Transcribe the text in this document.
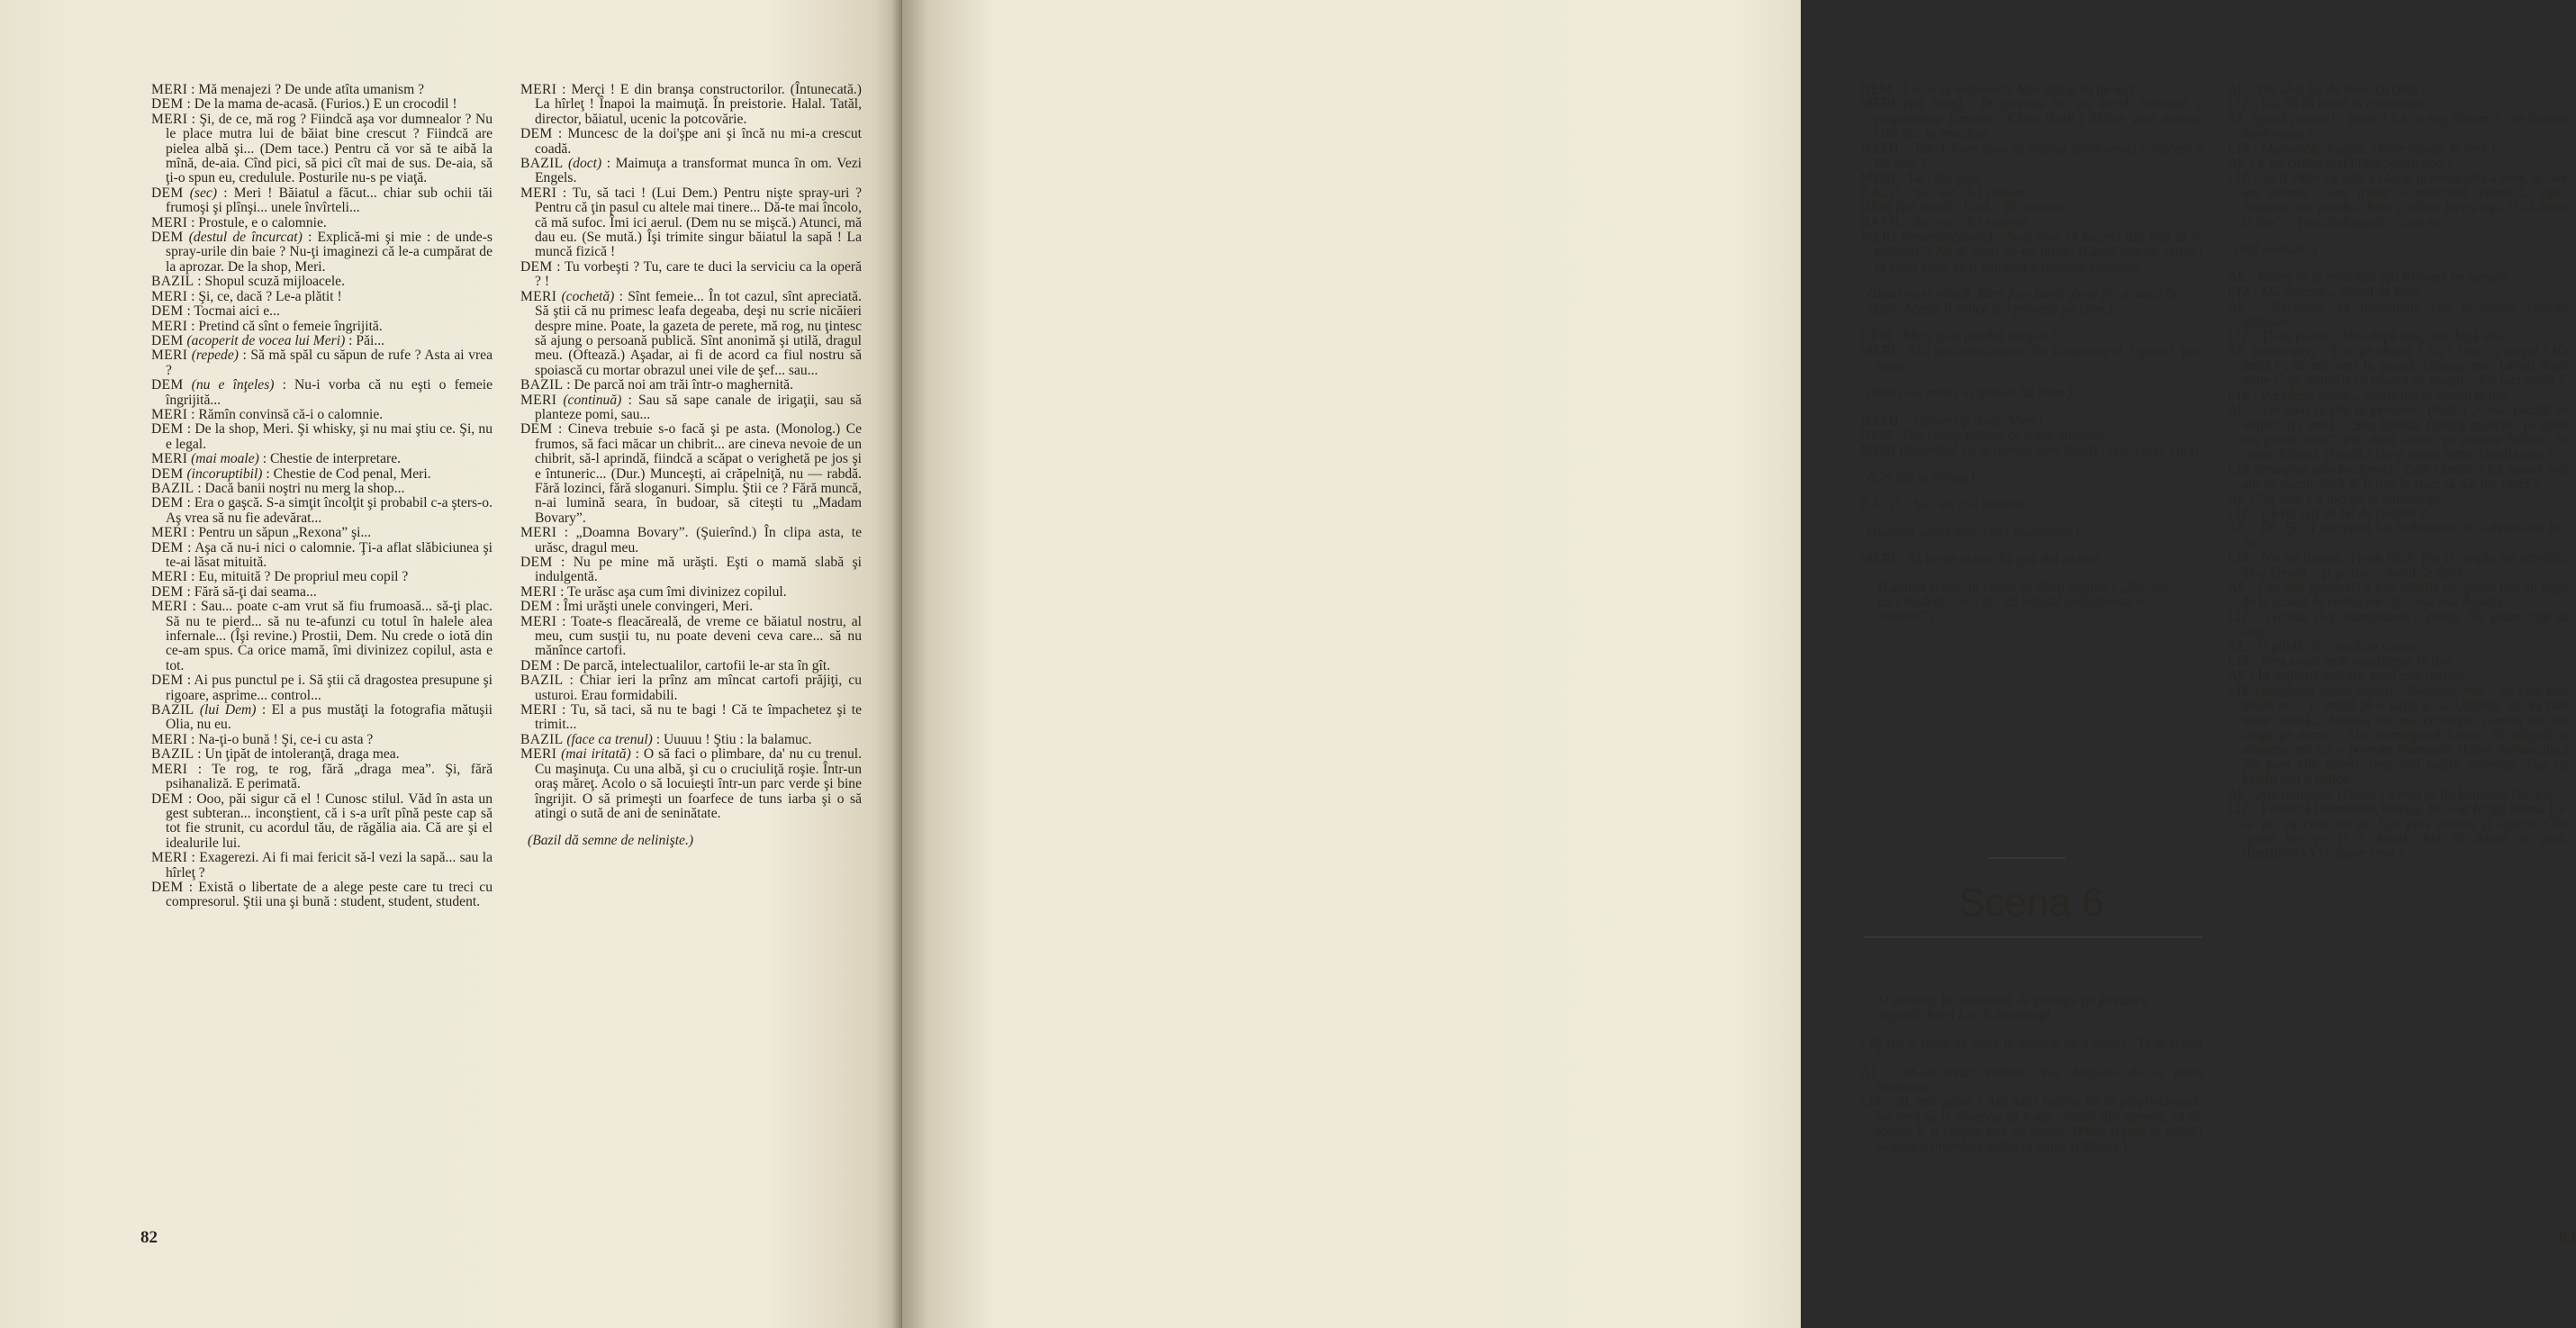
MERI : Mă menajezi ? De unde atîta umanism ?

DEM : De la mama de-acasă. (Furios.) E un crocodil !

MERI : Şi, de ce, mă rog ? Fiindcă aşa vor dumnealor ? Nu le place mutra lui de băiat bine crescut ? Fiindcă are pielea albă şi... (Dem tace.) Pentru că vor să te aibă la mînă, de-aia. Cînd pici, să pici cît mai de sus. De-aia, să ţi-o spun eu, credulule. Posturile nu-s pe viaţă.

DEM (sec) : Meri ! Băiatul a făcut... chiar sub ochii tăi frumoşi şi plînşi... unele învîrteli...

MERI : Prostule, e o calomnie.

DEM (destul de încurcat) : Explică-mi şi mie : de unde-s spray-urile din baie ? Nu-ţi imaginezi că le-a cumpărat de la aprozar. De la shop, Meri.

BAZIL : Shopul scuză mijloacele.

MERI : Şi, ce, dacă ? Le-a plătit !

DEM : Tocmai aici e...

MERI : Pretind că sînt o femeie îngrijită.

DEM (acoperit de vocea lui Meri) : Păi...

MERI (repede) : Să mă spăl cu săpun de rufe ? Asta ai vrea ?

DEM (nu e înţeles) : Nu-i vorba că nu eşti o femeie îngrijită...

MERI : Rămîn convinsă că-i o calomnie.

DEM : De la shop, Meri. Şi whisky, şi nu mai ştiu ce. Şi, nu e legal.

MERI (mai moale) : Chestie de interpretare.

DEM (incoruptibil) : Chestie de Cod penal, Meri.

BAZIL : Dacă banii noştri nu merg la shop...

DEM : Era o gaşcă. S-a simţit încolţit şi probabil c-a şters-o. Aş vrea să nu fie adevărat...

MERI : Pentru un săpun „Rexona” şi...

DEM : Aşa că nu-i nici o calomnie. Ţi-a aflat slăbiciunea şi te-ai lăsat mituită.

MERI : Eu, mituită ? De propriul meu copil ?

DEM : Fără să-ţi dai seama...

MERI : Sau... poate c-am vrut să fiu frumoasă... să-ţi plac. Să nu te pierd... să nu te-afunzi cu totul în halele alea infernale... (Îşi revine.) Prostii, Dem. Nu crede o iotă din ce-am spus. Ca orice mamă, îmi divinizez copilul, asta e tot.

DEM : Ai pus punctul pe i. Să ştii că dragostea presupune şi rigoare, asprime... control...

BAZIL (lui Dem) : El a pus mustăţi la fotografia mătuşii Olia, nu eu.

MERI : Na-ţi-o bună ! Şi, ce-i cu asta ?

BAZIL : Un ţipăt de intoleranţă, draga mea.

MERI : Te rog, te rog, fără „draga mea”. Şi, fără psihanaliză. E perimată.

DEM : Ooo, păi sigur că el ! Cunosc stilul. Văd în asta un gest subteran... inconştient, că i s-a urît pînă peste cap să tot fie strunit, cu acordul tău, de răgălia aia. Că are şi el idealurile lui.

MERI : Exagerezi. Ai fi mai fericit să-l vezi la sapă... sau la hîrleţ ?

DEM : Există o libertate de a alege peste care tu treci cu compresorul. Ştii una şi bună : student, student, student.

MERI : Merçi ! E din branşa constructorilor. (Întunecată.) La hîrleţ ! Înapoi la maimuţă. În preistorie. Halal. Tatăl, director, băiatul, ucenic la potcovărie.

DEM : Muncesc de la doi'şpe ani şi încă nu mi-a crescut coadă.

BAZIL (doct) : Maimuţa a transformat munca în om. Vezi Engels.

MERI : Tu, să taci ! (Lui Dem.) Pentru nişte spray-uri ? Pentru că ţin pasul cu altele mai tinere... Dă-te mai încolo, că mă sufoc. Îmi ici aerul. (Dem nu se mişcă.) Atunci, mă dau eu. (Se mută.) Îşi trimite singur băiatul la sapă ! La muncă fizică !

DEM : Tu vorbeşti ? Tu, care te duci la serviciu ca la operă ? !

MERI (cochetă) : Sînt femeie... În tot cazul, sînt apreciată. Să ştii că nu primesc leafa degeaba, deşi nu scrie nicăieri despre mine. Poate, la gazeta de perete, mă rog, nu ţintesc să ajung o persoană publică. Sînt anonimă şi utilă, dragul meu. (Oftează.) Aşadar, ai fi de acord ca fiul nostru să spoiască cu mortar obrazul unei vile de şef... sau...

BAZIL : De parcă noi am trăi într-o maghernită.

MERI (continuă) : Sau să sape canale de irigaţii, sau să planteze pomi, sau...

DEM : Cineva trebuie s-o facă şi pe asta. (Monolog.) Ce frumos, să faci măcar un chibrit... are cineva nevoie de un chibrit, să-l aprindă, fiindcă a scăpat o verighetă pe jos şi e întuneric... (Dur.) Munceşti, ai crăpelniţă, nu — rabdă. Fără lozinci, fără sloganuri. Simplu. Ştii ce ? Fără muncă, n-ai lumină seara, în budoar, să citeşti tu „Madam Bovary”.

MERI : „Doamna Bovary”. (Şuierînd.) În clipa asta, te urăsc, dragul meu.

DEM : Nu pe mine mă urăşti. Eşti o mamă slabă şi indulgentă.

MERI : Te urăsc aşa cum îmi divinizez copilul.

DEM : Îmi urăşti unele convingeri, Meri.

MERI : Toate-s fleacăreală, de vreme ce băiatul nostru, al meu, cum susţii tu, nu poate deveni ceva care... să nu mănînce cartofi.

DEM : De parcă, intelectualilor, cartofii le-ar sta în gît.

BAZIL : Chiar ieri la prînz am mîncat cartofi prăjiţi, cu usturoi. Erau formidabili.

MERI : Tu, să taci, să nu te bagi ! Că te împachetez şi te trimit...

BAZIL (face ca trenul) : Uuuuu ! Ştiu : la balamuc.

MERI (mai iritată) : O să faci o plimbare, da' nu cu trenul. Cu maşinuţa. Cu una albă, şi cu o cruciuliţă roşie. Într-un oraş măreţ. Acolo o să locuieşti într-un parc verde şi bine îngrijit. O să primeşti un foarfece de tuns iarba şi o să atingi o sută de ani de seninătate.

(Bazil dă semne de nelinişte.)

82

DEM : Las-o să vorbească. Mai sînt şi eu pe-aici.

MERI (lui Dem) : În privinţa lui, eu decid. Nebunul e proprietatea familiei. (Către Bazil.) Mîine vine mătuşa Olia şi... la revedere.

BAZIL : Fiindcă am spus că băiatul spălătoresei e student ? De asta ?

MERI : Taci din gură !

BAZIL : Sic, sic, că-i student.

DEM (lui Bazil) : Lasă... fii cuminte.

BAZIL : Sic, sic, că-i student.

MERI (ameninţătoare) : N-ai vrea să încerci din nou să te spînzuri ? Ne-ai scuti de-un drum. (Caută într-un sertar.) Ia banii ăştia, să-ţi cumperi o frînghie zdravănă.

(Bazil nu se mişcă. Meri face banii ghem şi-i aruncă în Bazil. Acesta îi ridică şi-l priveşte pe Dem.)

DEM : Meri, ţi-ai pierdut minţile ?

MERI : Să-i spui vînzătoarei cîte kilograme ai. Optzeci, ţine minte.

(Bazil s-a retras în spatele lui Dem.)

BAZIL : Optzeci şi două, Meri !

DEM : Dar sînteţi nebuni de legat, amîndoi...

MERI (înaintînd, ca în transă, spre Bazil) : Hai, curaj, curaj.

(Cei doi se retrag.)

BAZIL : Sic, sic că-i student.

(Lumina scade lent. Meri înaintează.)

MERI : Să fie de nylon. Să ţină doi ca tine.

(Lumina scade, în vreme ce Bazil bîiguie : „Sic, sic, că-i student... Sic, sic, că băiatul spălătoresei e student”.)

Scena 6

O cameră, la mansardă. Al priveşte pe fereastra îngustă. Intră Liz. E dimineaţă.

LIZ (cu o sticlă de lapte în mînă şi cu o pîine) : Te-ai sculat ?

AL : M-au trezit vrăbiile. Fac dragoste de la patru dimineaţa.

LIZ : Şi, eşti gelos ! Am adus laptele de la proprietăreasă. Nu cred să fi observat că n-am coborît din cameră, ca de obicei. E o femeie tare de treabă. (Pune reşoul în priză.) Şi-avea o încredere oarbă în mine. (Oftează.)

AL : Pot să-ţi fiu de folos cu ceva ?

LIZ : Da. Să fii timid în continuare.

AL (gustă poanta) : Bună ! La ce etaj sîntem ? (Se întinde după somn.)

LIZ : Mansardă, dragule. (Pune laptele la fiert.)

AL : E un cuvînt mai blînd pentru pod ?

LIZ : Să fi văzut ce ochi a căscat prietena asta a mea, la care am dormit. I-am trîntit o minciună cosmică. „Ştii, Augusta, am pierdut cheia şi mîine forţez uşa. O să dorm la tine”. „Te-ai îndrăgostit”, zice ea.

(Rîd amîndoi.)

AL : Pariez că la minciuni eşti fruntaşă pe ramură.

LIZ : Mă descurc... destul de bine.

AL : Recunosc că minciunile tale de-aseară valorau milioane.

LIZ : Ţi-au plăcut ? Una după alta, una după alta...

AL (admirativ) : Tras pe sfoară ! Eu ! Dus cu preşul ! (O imită.) „Să mă vezi la ştrand, băieţaş, mor băieţii după mine !” Şi, aiureala cu munca de noapte... Ce faci acolo ?

LIZ : Pregătesc micul... foarte micul nostru dejun.

AL : Am uitat că sînt în pensiune. (Rîde.) „Ursul păcălit de vulpe”. (O imită.) „Sînt blondă, fiindcă muncesc pe unde mă prinde luna”. Păi, dacă lucrezi pe maşina Salvării, te crede, băiatul. (Pauză.) Nu-ţi spune nimic chestia asta ?

LIZ (aranjînd prin încăpere) : Care chestie ? Că aseară erai atît de pornit, încît ai fi fost în stare să dai foc casei ?

AL : Nu asta. Că lucrezi la Salvare şi...

LIZ : Că-mi eşti un fel de pacient ?

AL : Îhî. Şi că pacientul s-a îndrăgostit de salvatoarea lui. Jur.

LIZ : Nu mă linguşi. Ţi-am făcut, pur şi simplu, un serviciu. Te-a plesnit... şi pe tine... dorul de ducă.

AL : Cea mai gogonată a fost chestia cu „patru fete au fugit de la şcoala de reeducare” şi... aşa mai departe.

LIZ : Trebuia să-ţi administrez o pilulă. Nu ştiam cum să scap.

AL : O pilulă cît o nucă de cocos.

LIZ : Prea aveai mult neastîmpăr în tine.

AL : În legitimă apărare, totul este permis.

LIZ (pregătind micul dejun) : Pacienţii mei... de cele mai multe ori... îi întind pe-o targă şi, la Urgenţă, în cea mai mare viteză... Nimeni nu mă cunoaşte, nimeni nu mă strigă pe nume... Alo, domnişoară Lizica, fii drăguţă şi adoarme-mă cu o poveste frumoasă. (Ceva melancolie.) Nu prea alin dureri, deşi văd multă suferinţă. Dar cu băieţii sînt o cinică.

AL : Am remarcat. (Pauză.) Vreau să fiu bolnavul tău, Liz.

LIZ : Ferească Dumnezeu, băieţaş. Mi s-ar frînge inima. Da' să ştii că ceva tot ai. Eşti prea nervos şi apucat. Cîte cafele bei pe zi ? Aveai chef să dormi în gară. (Îngrijorată.) Te doare ceva ?

83
